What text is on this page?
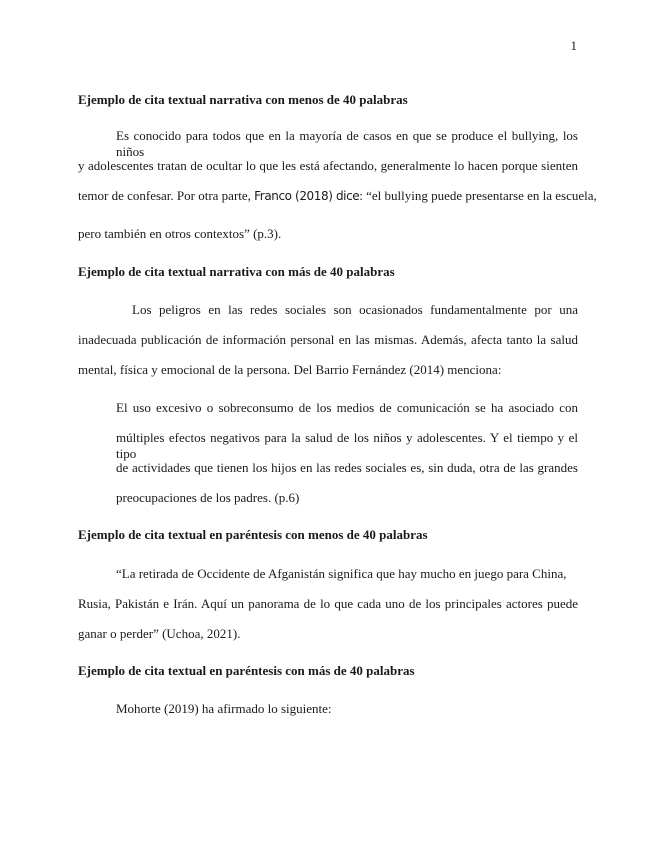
1
Ejemplo de cita textual narrativa con menos de 40 palabras
Es conocido para todos que en la mayoría de casos en que se produce el bullying, los niños
y adolescentes tratan de ocultar lo que les está afectando, generalmente lo hacen porque sienten
temor de confesar. Por otra parte, Franco (2018) dice: “el bullying puede presentarse en la escuela,
pero también en otros contextos” (p.3).
Ejemplo de cita textual narrativa con más de 40 palabras
Los peligros en las redes sociales son ocasionados fundamentalmente por una
inadecuada publicación de información personal en las mismas. Además, afecta tanto la salud
mental, física y emocional de la persona. Del Barrio Fernández (2014) menciona:
El uso excesivo o sobreconsumo de los medios de comunicación se ha asociado con
múltiples efectos negativos para la salud de los niños y adolescentes. Y el tiempo y el tipo
de actividades que tienen los hijos en las redes sociales es, sin duda, otra de las grandes
preocupaciones de los padres. (p.6)
Ejemplo de cita textual en paréntesis con menos de 40 palabras
“La retirada de Occidente de Afganistán significa que hay mucho en juego para China,
Rusia, Pakistán e Irán. Aquí un panorama de lo que cada uno de los principales actores puede
ganar o perder” (Uchoa, 2021).
Ejemplo de cita textual en paréntesis con más de 40 palabras
Mohorte (2019) ha afirmado lo siguiente:
